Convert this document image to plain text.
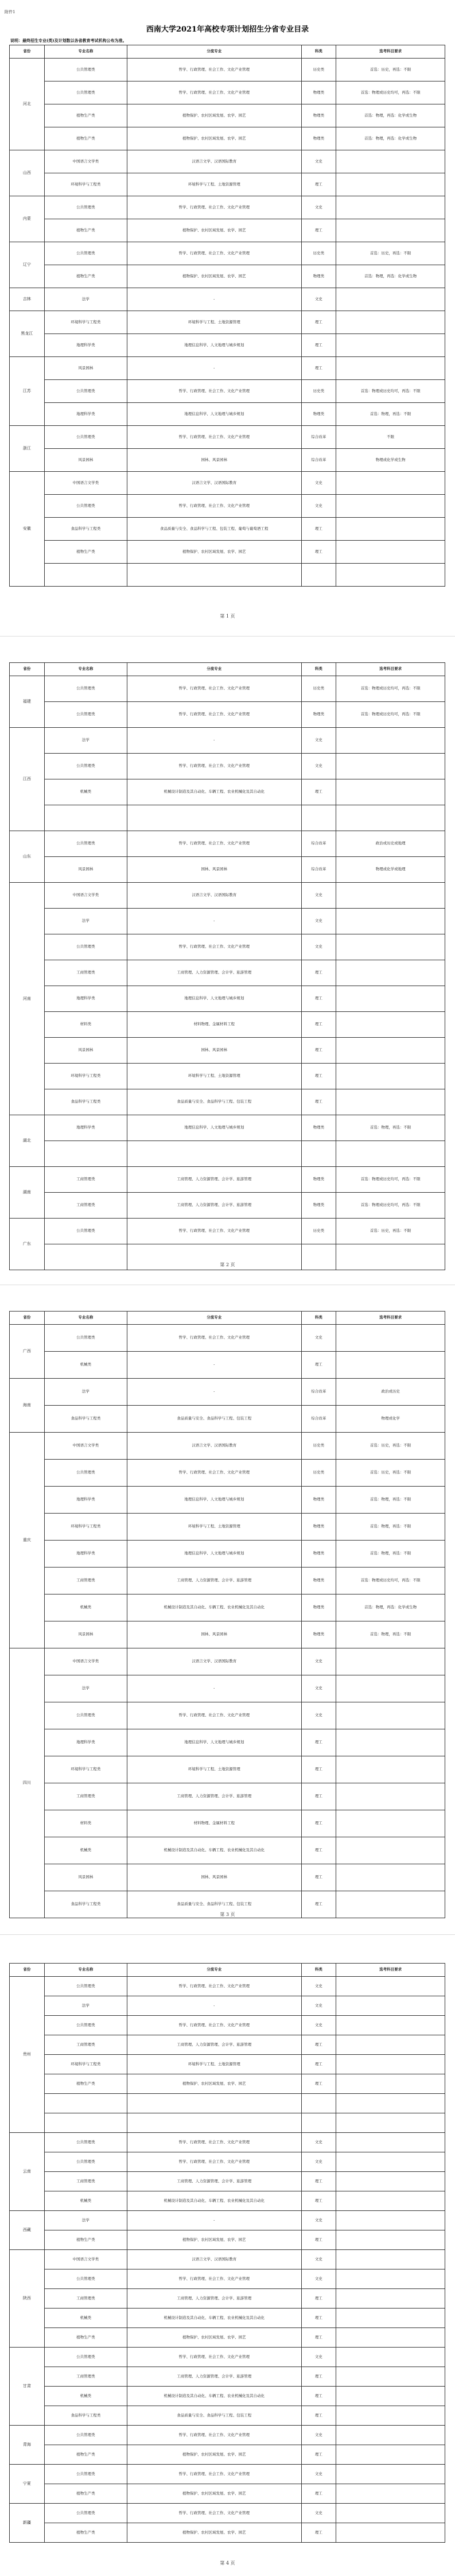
附件1
西南大学2021年高校专项计划招生分省专业目录
说明：最终招生专业(类)及计划数以各省教育考试机构公布为准。
省份	专业名称	分流专业	科类	选考科目要求
河北	公共管理类	哲学、行政管理、社会工作、文化产业管理	历史类	首选：历史，再选：不限
	公共管理类	哲学、行政管理、社会工作、文化产业管理	物理类	首选：物理或历史均可，再选：不限
	植物生产类	植物保护、农村区域发展、农学、园艺	物理类	首选：物理，再选：化学或生物
	植物生产类	植物保护、农村区域发展、农学、园艺	物理类	首选：物理，再选：化学或生物
山西	中国语言文学类	汉语言文学、汉语国际教育	文史	
	环境科学与工程类	环境科学与工程、土地资源管理	理工	
内蒙	公共管理类	哲学、行政管理、社会工作、文化产业管理	文史	
	植物生产类	植物保护、农村区域发展、农学、园艺	理工	
辽宁	公共管理类	哲学、行政管理、社会工作、文化产业管理	历史类	首选：历史，再选：不限
	植物生产类	植物保护、农村区域发展、农学、园艺	物理类	首选：物理，再选：化学或生物
吉林	法学	-	文史	
黑龙江	环境科学与工程类	环境科学与工程、土地资源管理	理工	
	地理科学类	地理信息科学、人文地理与城乡规划	理工	
江苏	风景园林	-	理工	
	公共管理类	哲学、行政管理、社会工作、文化产业管理	历史类	首选：物理或历史均可，再选：不限
	地理科学类	地理信息科学、人文地理与城乡规划	物理类	首选：物理，再选：不限
浙江	公共管理类	哲学、行政管理、社会工作、文化产业管理	综合改革	不限
	风景园林	园林、风景园林	综合改革	物理或化学或生物
安徽	中国语言文学类	汉语言文学、汉语国际教育	文史	
	公共管理类	哲学、行政管理、社会工作、文化产业管理	文史	
	食品科学与工程类	食品质量与安全、食品科学与工程、包装工程、葡萄与葡萄酒工程	理工	
	植物生产类	植物保护、农村区域发展、农学、园艺	理工	

第 1 页
省份	专业名称	分流专业	科类	选考科目要求
福建	公共管理类	哲学、行政管理、社会工作、文化产业管理	历史类	首选：物理或历史均可，再选：不限
	公共管理类	哲学、行政管理、社会工作、文化产业管理	物理类	首选：物理或历史均可，再选：不限
江西	法学	-	文史	
	公共管理类	哲学、行政管理、社会工作、文化产业管理	文史	
	机械类	机械设计制造及其自动化、车辆工程、农业机械化及其自动化	理工	

山东	公共管理类	哲学、行政管理、社会工作、文化产业管理	综合改革	政治或历史或地理
	风景园林	园林、风景园林	综合改革	物理或化学或地理
河南	中国语言文学类	汉语言文学、汉语国际教育	文史	
	法学	-	文史	
	公共管理类	哲学、行政管理、社会工作、文化产业管理	文史	
	工商管理类	工商管理、人力资源管理、会计学、旅游管理	理工	
	地理科学类	地理信息科学、人文地理与城乡规划	理工	
	材料类	材料物理、金属材料工程	理工	
	风景园林	园林、风景园林	理工	
	环境科学与工程类	环境科学与工程、土地资源管理	理工	
	食品科学与工程类	食品质量与安全、食品科学与工程、包装工程	理工	
湖北	地理科学类	地理信息科学、人文地理与城乡规划	物理类	首选：物理，再选：不限

湖南	工商管理类	工商管理、人力资源管理、会计学、旅游管理	物理类	首选：物理或历史均可，再选：不限
	工商管理类	工商管理、人力资源管理、会计学、旅游管理	物理类	首选：物理或历史均可，再选：不限
广东	公共管理类	哲学、行政管理、社会工作、文化产业管理	历史类	首选：历史，再选：不限

第 2 页
省份	专业名称	分流专业	科类	选考科目要求
广西	公共管理类	哲学、行政管理、社会工作、文化产业管理	文史	
	机械类	-	理工	
海南	法学	-	综合改革	政治或历史
	食品科学与工程类	食品质量与安全、食品科学与工程、包装工程	综合改革	物理或化学
重庆	中国语言文学类	汉语言文学、汉语国际教育	历史类	首选：历史，再选：不限
	公共管理类	哲学、行政管理、社会工作、文化产业管理	历史类	首选：历史，再选：不限
	地理科学类	地理信息科学、人文地理与城乡规划	物理类	首选：物理，再选：不限
	环境科学与工程类	环境科学与工程、土地资源管理	物理类	首选：物理，再选：不限
	地理科学类	地理信息科学、人文地理与城乡规划	物理类	首选：物理，再选：不限
	工商管理类	工商管理、人力资源管理、会计学、旅游管理	物理类	首选：物理或历史均可，再选：不限
	机械类	机械设计制造及其自动化、车辆工程、农业机械化及其自动化	物理类	首选：物理，再选：化学或生物
	风景园林	园林、风景园林	物理类	首选：物理，再选：不限
四川	中国语言文学类	汉语言文学、汉语国际教育	文史	
	法学	-	文史	
	公共管理类	哲学、行政管理、社会工作、文化产业管理	文史	
	地理科学类	地理信息科学、人文地理与城乡规划	理工	
	环境科学与工程类	环境科学与工程、土地资源管理	理工	
	工商管理类	工商管理、人力资源管理、会计学、旅游管理	理工	
	材料类	材料物理、金属材料工程	理工	
	机械类	机械设计制造及其自动化、车辆工程、农业机械化及其自动化	理工	
	风景园林	园林、风景园林	理工	
	食品科学与工程类	食品质量与安全、食品科学与工程、包装工程	理工	
第 3 页
省份	专业名称	分流专业	科类	选考科目要求
贵州	公共管理类	哲学、行政管理、社会工作、文化产业管理	文史	
	法学	-	文史	
	公共管理类	哲学、行政管理、社会工作、文化产业管理	文史	
	工商管理类	工商管理、人力资源管理、会计学、旅游管理	理工	
	环境科学与工程类	环境科学与工程、土地资源管理	理工	
	植物生产类	植物保护、农村区域发展、农学、园艺	理工	

云南	公共管理类	哲学、行政管理、社会工作、文化产业管理	文史	
	公共管理类	哲学、行政管理、社会工作、文化产业管理	文史	
	工商管理类	工商管理、人力资源管理、会计学、旅游管理	理工	
	机械类	机械设计制造及其自动化、车辆工程、农业机械化及其自动化	理工	
西藏	法学	-	文史	
	植物生产类	植物保护、农村区域发展、农学、园艺	理工	
陕西	中国语言文学类	汉语言文学、汉语国际教育	文史	
	公共管理类	哲学、行政管理、社会工作、文化产业管理	文史	
	工商管理类	工商管理、人力资源管理、会计学、旅游管理	理工	
	机械类	机械设计制造及其自动化、车辆工程、农业机械化及其自动化	理工	
	植物生产类	植物保护、农村区域发展、农学、园艺	理工	
甘肃	公共管理类	哲学、行政管理、社会工作、文化产业管理	文史	
	工商管理类	工商管理、人力资源管理、会计学、旅游管理	理工	
	机械类	机械设计制造及其自动化、车辆工程、农业机械化及其自动化	理工	
	食品科学与工程类	食品质量与安全、食品科学与工程、包装工程	理工	
青海	公共管理类	哲学、行政管理、社会工作、文化产业管理	文史	
	植物生产类	植物保护、农村区域发展、农学、园艺	理工	
宁夏	公共管理类	哲学、行政管理、社会工作、文化产业管理	文史	
	植物生产类	植物保护、农村区域发展、农学、园艺	理工	
新疆	公共管理类	哲学、行政管理、社会工作、文化产业管理	文史	
	植物生产类	植物保护、农村区域发展、农学、园艺	理工	
第 4 页
